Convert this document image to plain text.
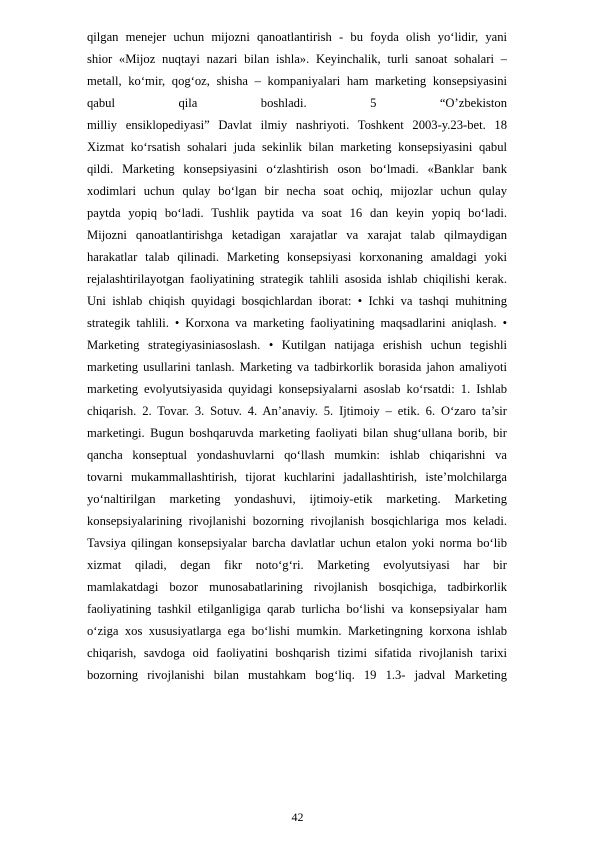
qilgan menejer uchun mijozni qanoatlantirish - bu foyda olish yo‘lidir, yani
shior «Mijoz nuqtayi nazari bilan ishla». Keyinchalik, turli sanoat sohalari –
metall, ko‘mir, qog‘oz, shisha – kompaniyalari ham marketing konsepsiyasini
qabul qila boshladi. 5 “O’zbekiston
milliy ensiklopediyasi” Davlat ilmiy nashriyoti. Toshkent 2003-y.23-bet. 18
Xizmat ko‘rsatish sohalari juda sekinlik bilan marketing konsepsiyasini qabul
qildi. Marketing konsepsiyasini o‘zlashtirish oson bo‘lmadi. «Banklar bank
xodimlari uchun qulay bo‘lgan bir necha soat ochiq, mijozlar uchun qulay
paytda yopiq bo‘ladi. Tushlik paytida va soat 16 dan keyin yopiq bo‘ladi.
Mijozni qanoatlantirishga ketadigan xarajatlar va xarajat talab qilmaydigan
harakatlar talab qilinadi. Marketing konsepsiyasi korxonaning amaldagi yoki
rejalashtirilayotgan faoliyatining strategik tahlili asosida ishlab chiqilishi kerak.
Uni ishlab chiqish quyidagi bosqichlardan iborat: • Ichki va tashqi muhitning
strategik tahlili. • Korxona va marketing faoliyatining maqsadlarini aniqlash. •
Marketing strategiyasiniasoslash. • Kutilgan natijaga erishish uchun tegishli
marketing usullarini tanlash. Marketing va tadbirkorlik borasida jahon amaliyoti
marketing evolyutsiyasida quyidagi konsepsiyalarni asoslab ko‘rsatdi: 1. Ishlab
chiqarish. 2. Tovar. 3. Sotuv. 4. An’anaviy. 5. Ijtimoiy – etik. 6. O‘zaro ta’sir
marketingi. Bugun boshqaruvda marketing faoliyati bilan shug‘ullana borib, bir
qancha konseptual yondashuvlarni qo‘llash mumkin: ishlab chiqarishni va
tovarni mukammallashtirish, tijorat kuchlarini jadallashtirish, iste’molchilarga
yo‘naltirilgan marketing yondashuvi, ijtimoiy-etik marketing. Marketing
konsepsiyalarining rivojlanishi bozorning rivojlanish bosqichlariga mos keladi.
Tavsiya qilingan konsepsiyalar barcha davlatlar uchun etalon yoki norma bo‘lib
xizmat qiladi, degan fikr noto‘g‘ri. Marketing evolyutsiyasi har bir
mamlakatdagi bozor munosabatlarining rivojlanish bosqichiga, tadbirkorlik
faoliyatining tashkil etilganligiga qarab turlicha bo‘lishi va konsepsiyalar ham
o‘ziga xos xususiyatlarga ega bo‘lishi mumkin. Marketingning korxona ishlab
chiqarish, savdoga oid faoliyatini boshqarish tizimi sifatida rivojlanish tarixi
bozorning rivojlanishi bilan mustahkam bog‘liq. 19 1.3- jadval Marketing
42
